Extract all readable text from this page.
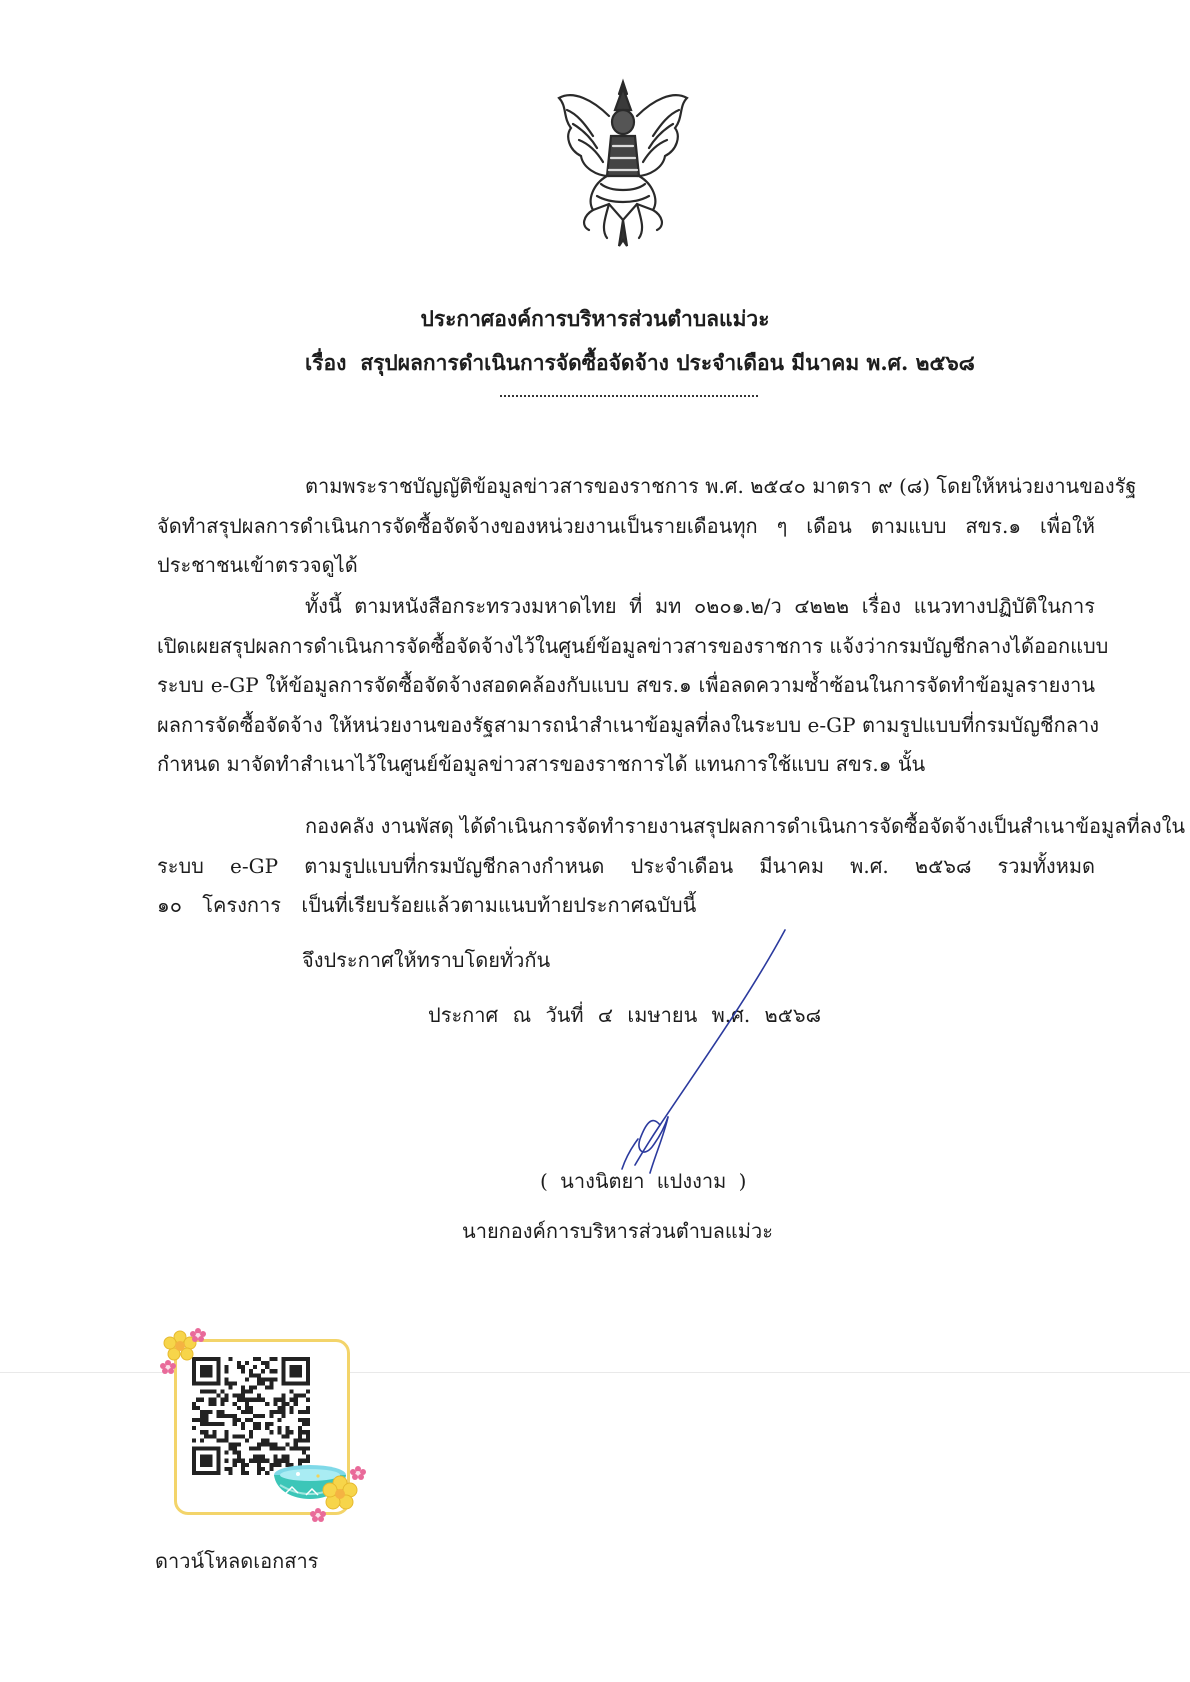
ประกาศองค์การบริหารส่วนตำบลแม่วะ
เรื่อง สรุปผลการดำเนินการจัดซื้อจัดจ้าง ประจำเดือน มีนาคม พ.ศ. ๒๕๖๘
ตามพระราชบัญญัติข้อมูลข่าวสารของราชการ พ.ศ. ๒๕๔๐ มาตรา ๙ (๘) โดยให้หน่วยงานของรัฐ
จัดทำสรุปผลการดำเนินการจัดซื้อจัดจ้างของหน่วยงานเป็นรายเดือนทุก ๆ เดือน ตามแบบ สขร.๑ เพื่อให้
ประชาชนเข้าตรวจดูได้
ทั้งนี้ ตามหนังสือกระทรวงมหาดไทย ที่ มท ๐๒๐๑.๒/ว ๔๒๒๒ เรื่อง แนวทางปฏิบัติในการ
เปิดเผยสรุปผลการดำเนินการจัดซื้อจัดจ้างไว้ในศูนย์ข้อมูลข่าวสารของราชการ แจ้งว่ากรมบัญชีกลางได้ออกแบบ
ระบบ e-GP ให้ข้อมูลการจัดซื้อจัดจ้างสอดคล้องกับแบบ สขร.๑ เพื่อลดความซ้ำซ้อนในการจัดทำข้อมูลรายงาน
ผลการจัดซื้อจัดจ้าง ให้หน่วยงานของรัฐสามารถนำสำเนาข้อมูลที่ลงในระบบ e-GP ตามรูปแบบที่กรมบัญชีกลาง
กำหนด มาจัดทำสำเนาไว้ในศูนย์ข้อมูลข่าวสารของราชการได้ แทนการใช้แบบ สขร.๑ นั้น
กองคลัง งานพัสดุ ได้ดำเนินการจัดทำรายงานสรุปผลการดำเนินการจัดซื้อจัดจ้างเป็นสำเนาข้อมูลที่ลงใน
ระบบ e-GP ตามรูปแบบที่กรมบัญชีกลางกำหนด ประจำเดือน มีนาคม พ.ศ. ๒๕๖๘ รวมทั้งหมด
๑๐ โครงการ เป็นที่เรียบร้อยแล้วตามแนบท้ายประกาศฉบับนี้
จึงประกาศให้ทราบโดยทั่วกัน
ประกาศ ณ วันที่ ๔ เมษายน พ.ศ. ๒๕๖๘
( นางนิตยา แปงงาม )
นายกองค์การบริหารส่วนตำบลแม่วะ
ดาวน์โหลดเอกสาร
